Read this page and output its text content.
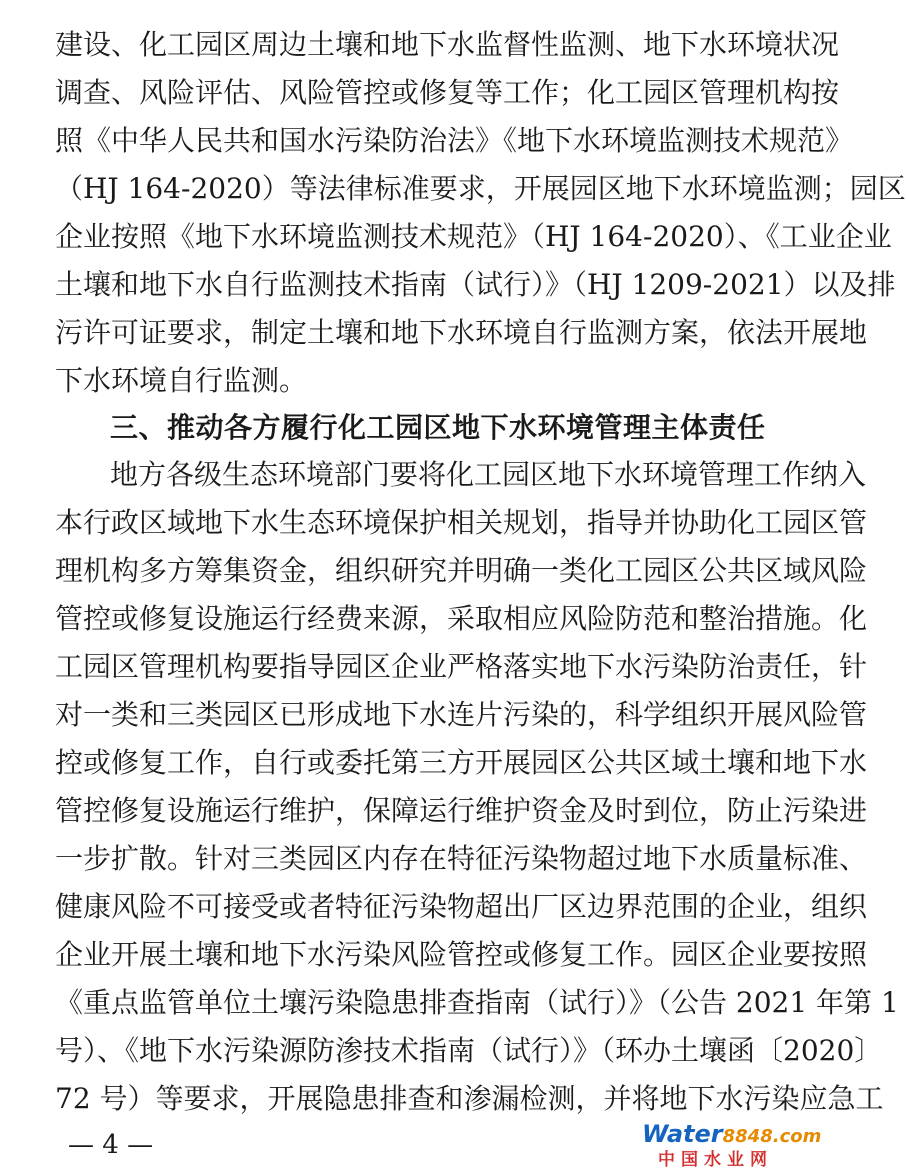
建设、化工园区周边土壤和地下水监督性监测、地下水环境状况
调查、风险评估、风险管控或修复等工作；化工园区管理机构按
照《中华人民共和国水污染防治法》《地下水环境监测技术规范》
（HJ 164-2020）等法律标准要求，开展园区地下水环境监测；园区
企业按照《地下水环境监测技术规范》（HJ 164-2020）、《工业企业
土壤和地下水自行监测技术指南（试行）》（HJ 1209-2021）以及排
污许可证要求，制定土壤和地下水环境自行监测方案，依法开展地
下水环境自行监测。
三、推动各方履行化工园区地下水环境管理主体责任
地方各级生态环境部门要将化工园区地下水环境管理工作纳入
本行政区域地下水生态环境保护相关规划，指导并协助化工园区管
理机构多方筹集资金，组织研究并明确一类化工园区公共区域风险
管控或修复设施运行经费来源，采取相应风险防范和整治措施。化
工园区管理机构要指导园区企业严格落实地下水污染防治责任，针
对一类和三类园区已形成地下水连片污染的，科学组织开展风险管
控或修复工作，自行或委托第三方开展园区公共区域土壤和地下水
管控修复设施运行维护，保障运行维护资金及时到位，防止污染进
一步扩散。针对三类园区内存在特征污染物超过地下水质量标准、
健康风险不可接受或者特征污染物超出厂区边界范围的企业，组织
企业开展土壤和地下水污染风险管控或修复工作。园区企业要按照
《重点监管单位土壤污染隐患排查指南（试行）》（公告 2021 年第 1
号）、《地下水污染源防渗技术指南（试行）》（环办土壤函〔2020〕
72 号）等要求，开展隐患排查和渗漏检测，并将地下水污染应急工
— 4 —	Water8848.com
中国水业网
